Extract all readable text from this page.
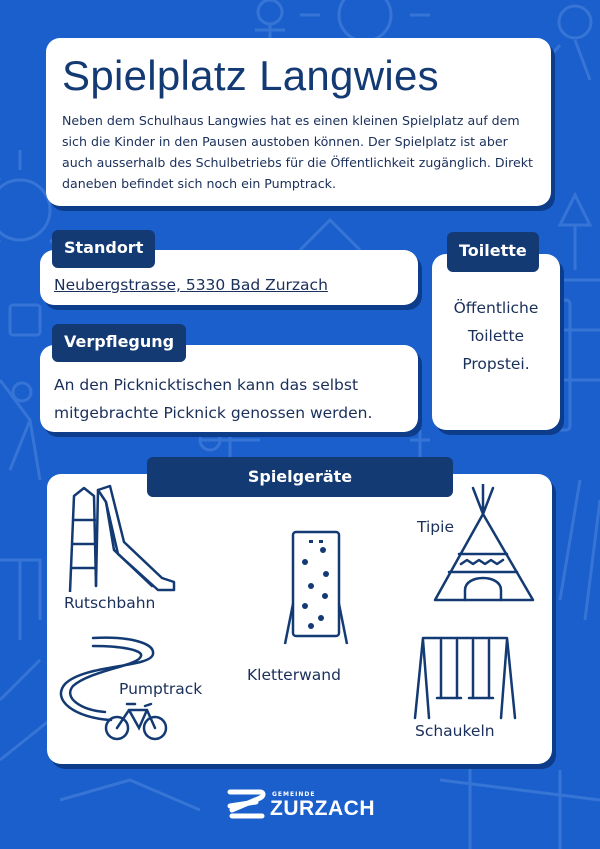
Spielplatz Langwies

Neben dem Schulhaus Langwies hat es einen kleinen Spielplatz auf dem sich die Kinder in den Pausen austoben können. Der Spielplatz ist aber auch ausserhalb des Schulbetriebs für die Öffentlichkeit zugänglich. Direkt daneben befindet sich noch ein Pumptrack.

Neubergstrasse, 5330 Bad Zurzach
Standort
An den Picknicktischen kann das selbst mitgebrachte Picknick genossen werden.
Verpflegung
Öffentliche Toilette Propstei.
Toilette
Rutschbahn
Pumptrack
Kletterwand
Tipie
Schaukeln
Spielgeräte
GEMEINDE
ZURZACH
